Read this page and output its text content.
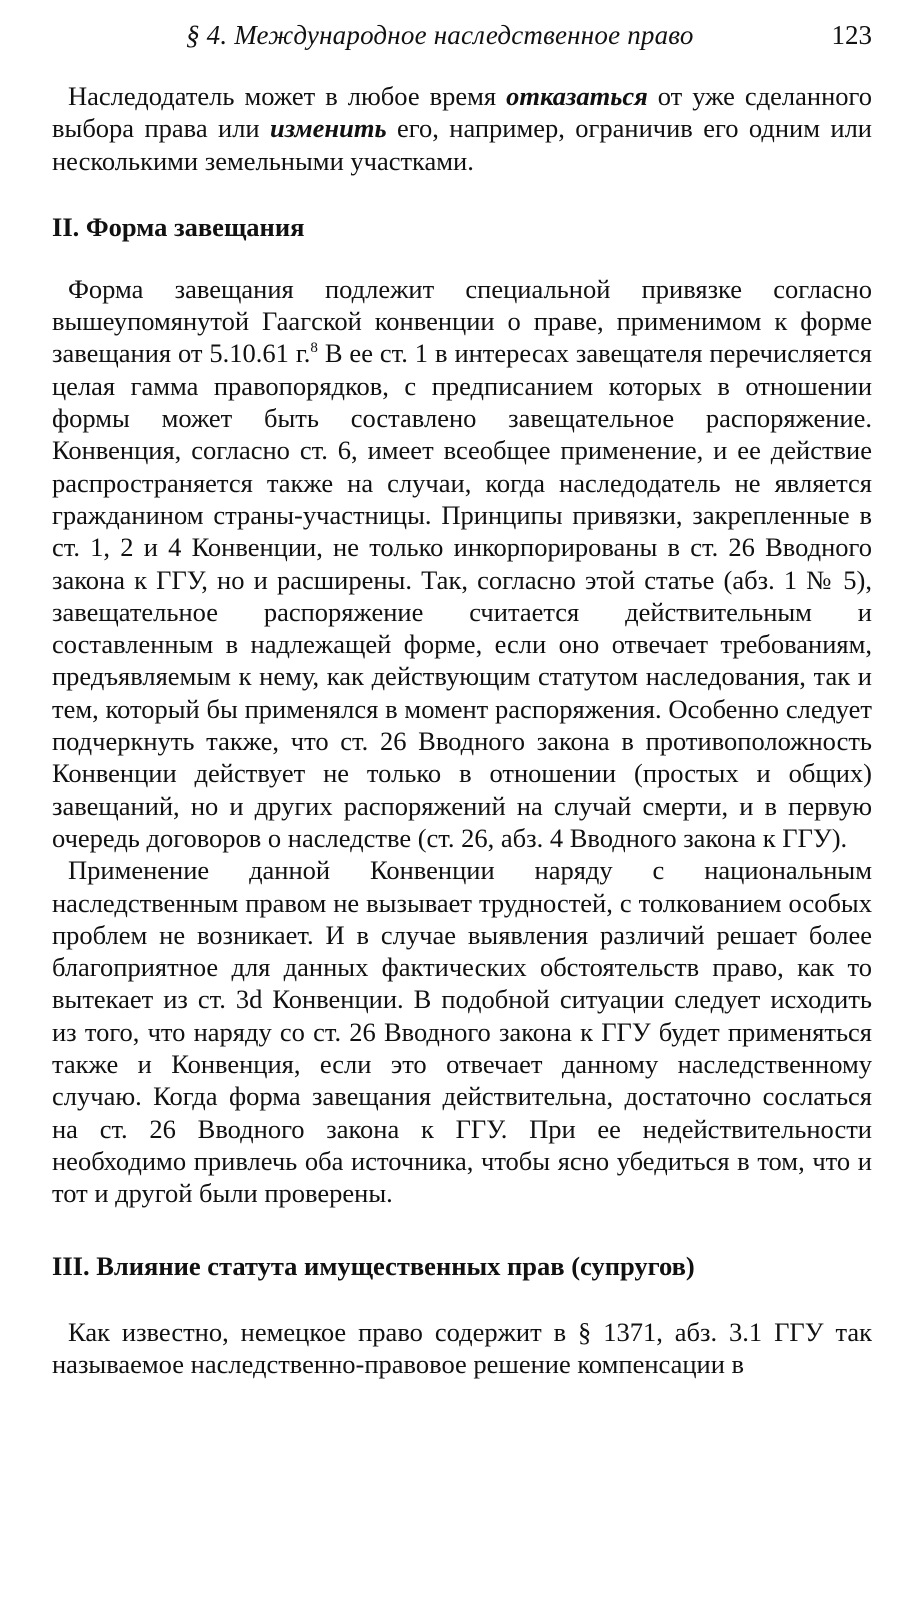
§ 4. Международное наследственное право	123

Наследодатель может в любое время отказаться от уже сделанного выбора права или изменить его, например, ограничив его одним или несколькими земельными участками.

II. Форма завещания

Форма завещания подлежит специальной привязке согласно вышеупомянутой Гаагской конвенции о праве, применимом к форме завещания от 5.10.61 г.$^8$ В ее ст. 1 в интересах завещателя перечисляется целая гамма правопорядков, с предписанием которых в отношении формы может быть составлено завещательное распоряжение. Конвенция, согласно ст. 6, имеет всеобщее применение, и ее действие распространяется также на случаи, когда наследодатель не является гражданином страны-участницы. Принципы привязки, закрепленные в ст. 1, 2 и 4 Конвенции, не только инкорпорированы в ст. 26 Вводного закона к ГГУ, но и расширены. Так, согласно этой статье (абз. 1 № 5), завещательное распоряжение считается действительным и составленным в надлежащей форме, если оно отвечает требованиям, предъявляемым к нему, как действующим статутом наследования, так и тем, который бы применялся в момент распоряжения. Особенно следует подчеркнуть также, что ст. 26 Вводного закона в противоположность Конвенции действует не только в отношении (простых и общих) завещаний, но и других распоряжений на случай смерти, и в первую очередь договоров о наследстве (ст. 26, абз. 4 Вводного закона к ГГУ).

Применение данной Конвенции наряду с национальным наследственным правом не вызывает трудностей, с толкованием особых проблем не возникает. И в случае выявления различий решает более благоприятное для данных фактических обстоятельств право, как то вытекает из ст. 3d Конвенции. В подобной ситуации следует исходить из того, что наряду со ст. 26 Вводного закона к ГГУ будет применяться также и Конвенция, если это отвечает данному наследственному случаю. Когда форма завещания действительна, достаточно сослаться на ст. 26 Вводного закона к ГГУ. При ее недействительности необходимо привлечь оба источника, чтобы ясно убедиться в том, что и тот и другой были проверены.

III. Влияние статута имущественных прав (супругов)

Как известно, немецкое право содержит в § 1371, абз. 3.1 ГГУ так называемое наследственно-правовое решение компенсации в
